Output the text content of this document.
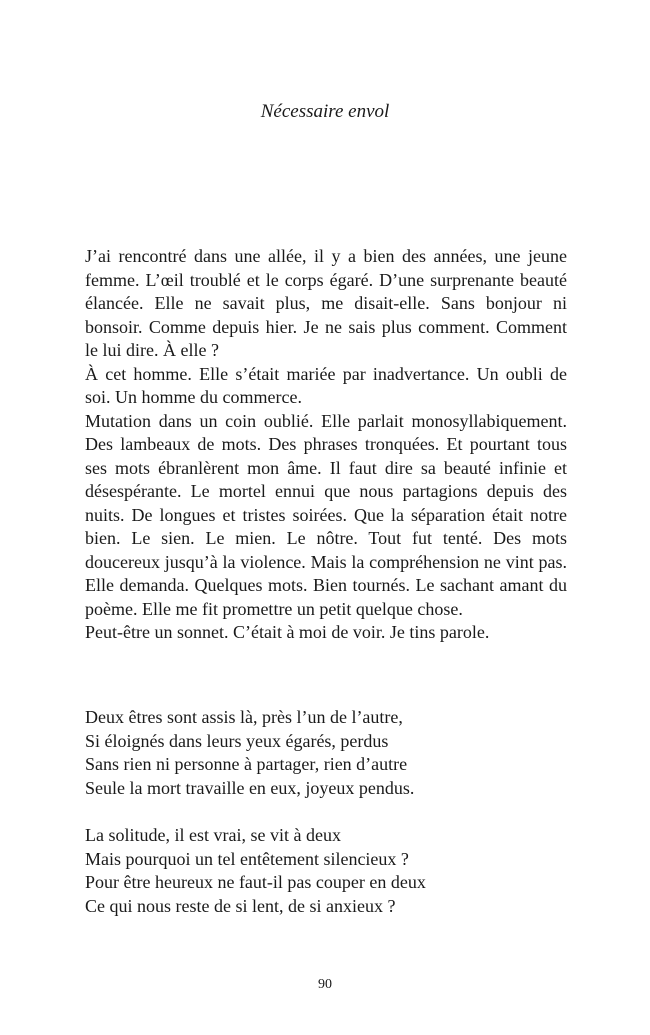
Nécessaire envol

J’ai rencontré dans une allée, il y a bien des années, une jeune femme. L’œil troublé et le corps égaré. D’une surprenante beauté élancée. Elle ne savait plus, me disait-elle. Sans bonjour ni bonsoir. Comme depuis hier. Je ne sais plus comment. Comment le lui dire. À elle ?

À cet homme. Elle s’était mariée par inadvertance. Un oubli de soi. Un homme du commerce.

Mutation dans un coin oublié. Elle parlait monosyllabiquement. Des lambeaux de mots. Des phrases tronquées. Et pourtant tous ses mots ébranlèrent mon âme. Il faut dire sa beauté infinie et désespérante. Le mortel ennui que nous partagions depuis des nuits. De longues et tristes soirées. Que la séparation était notre bien. Le sien. Le mien. Le nôtre. Tout fut tenté. Des mots doucereux jusqu’à la violence. Mais la compréhension ne vint pas. Elle demanda. Quelques mots. Bien tournés. Le sachant amant du poème. Elle me fit promettre un petit quelque chose.

Peut-être un sonnet. C’était à moi de voir. Je tins parole.

Deux êtres sont assis là, près l’un de l’autre,
Si éloignés dans leurs yeux égarés, perdus
Sans rien ni personne à partager, rien d’autre
Seule la mort travaille en eux, joyeux pendus.
La solitude, il est vrai, se vit à deux
Mais pourquoi un tel entêtement silencieux ?
Pour être heureux ne faut-il pas couper en deux
Ce qui nous reste de si lent, de si anxieux ?
90
